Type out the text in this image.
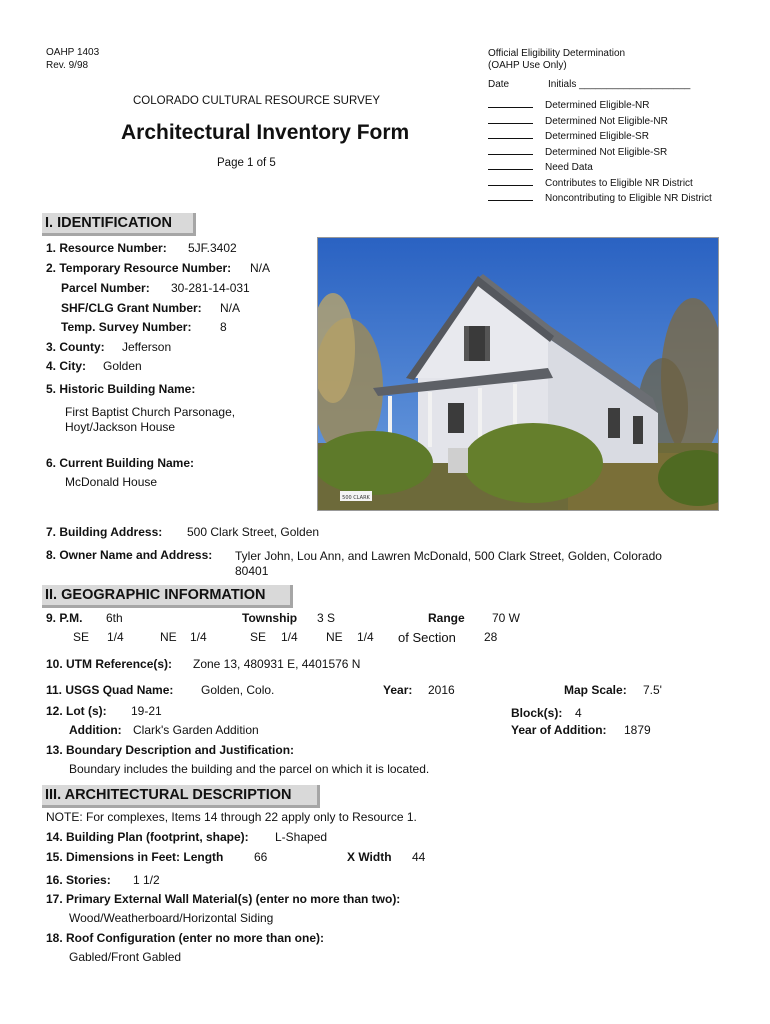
OAHP 1403
Rev. 9/98
COLORADO CULTURAL RESOURCE SURVEY
Architectural Inventory Form
Page 1 of 5
Official Eligibility Determination
(OAHP Use Only)
Date	Initials ____________________
Determined Eligible-NR
Determined Not Eligible-NR
Determined Eligible-SR
Determined Not Eligible-SR
Need Data
Contributes to Eligible NR District
Noncontributing to Eligible NR District
I. IDENTIFICATION
1. Resource Number: 5JF.3402
2. Temporary Resource Number: N/A
Parcel Number: 30-281-14-031
SHF/CLG Grant Number: N/A
Temp. Survey Number: 8
3. County: Jefferson
4. City: Golden
5. Historic Building Name:
First Baptist Church Parsonage,
Hoyt/Jackson House
6. Current Building Name:
McDonald House
500 CLARK
7. Building Address: 500 Clark Street, Golden
8. Owner Name and Address: Tyler John, Lou Ann, and Lawren McDonald, 500 Clark Street, Golden, Colorado
80401
II. GEOGRAPHIC INFORMATION
9. P.M. 6th	Township 3 S	Range 70 W
SE 1/4	NE 1/4	SE 1/4 NE 1/4 of Section 28
10. UTM Reference(s): Zone 13, 480931 E, 4401576 N
11. USGS Quad Name: Golden, Colo.	Year: 2016	Map Scale: 7.5'
12. Lot (s): 19-21	Block(s): 4
Addition: Clark's Garden Addition	Year of Addition: 1879
13. Boundary Description and Justification:
Boundary includes the building and the parcel on which it is located.
III. ARCHITECTURAL DESCRIPTION
NOTE: For complexes, Items 14 through 22 apply only to Resource 1.
14. Building Plan (footprint, shape): L-Shaped
15. Dimensions in Feet: Length	66	X Width 44
16. Stories: 1 1/2
17. Primary External Wall Material(s) (enter no more than two):
Wood/Weatherboard/Horizontal Siding
18. Roof Configuration (enter no more than one):
Gabled/Front Gabled
